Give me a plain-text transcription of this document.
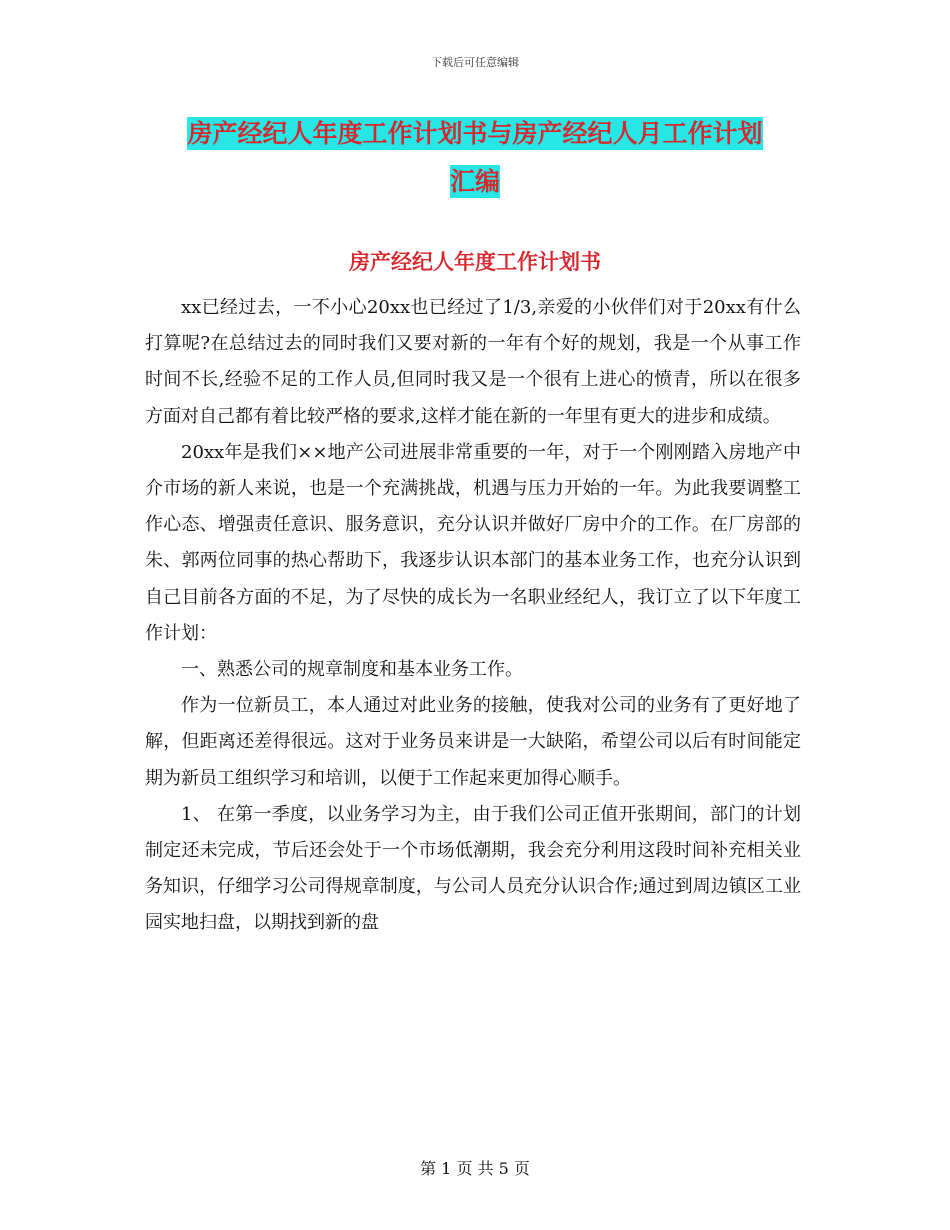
下载后可任意编辑
房产经纪人年度工作计划书与房产经纪人月工作计划
汇编
房产经纪人年度工作计划书

xx已经过去，一不小心20xx也已经过了1/3,亲爱的小伙伴们对于20xx有什么打算呢?在总结过去的同时我们又要对新的一年有个好的规划，我是一个从事工作时间不长,经验不足的工作人员,但同时我又是一个很有上进心的愤青，所以在很多方面对自己都有着比较严格的要求,这样才能在新的一年里有更大的进步和成绩。

20xx年是我们××地产公司进展非常重要的一年，对于一个刚刚踏入房地产中介市场的新人来说，也是一个充满挑战，机遇与压力开始的一年。为此我要调整工作心态、增强责任意识、服务意识，充分认识并做好厂房中介的工作。在厂房部的朱、郭两位同事的热心帮助下，我逐步认识本部门的基本业务工作，也充分认识到自己目前各方面的不足，为了尽快的成长为一名职业经纪人，我订立了以下年度工作计划：

一、熟悉公司的规章制度和基本业务工作。

作为一位新员工，本人通过对此业务的接触，使我对公司的业务有了更好地了解，但距离还差得很远。这对于业务员来讲是一大缺陷，希望公司以后有时间能定期为新员工组织学习和培训，以便于工作起来更加得心顺手。

1、 在第一季度，以业务学习为主，由于我们公司正值开张期间，部门的计划制定还未完成，节后还会处于一个市场低潮期，我会充分利用这段时间补充相关业务知识，仔细学习公司得规章制度，与公司人员充分认识合作;通过到周边镇区工业园实地扫盘，以期找到新的盘

第 1 页 共 5 页
